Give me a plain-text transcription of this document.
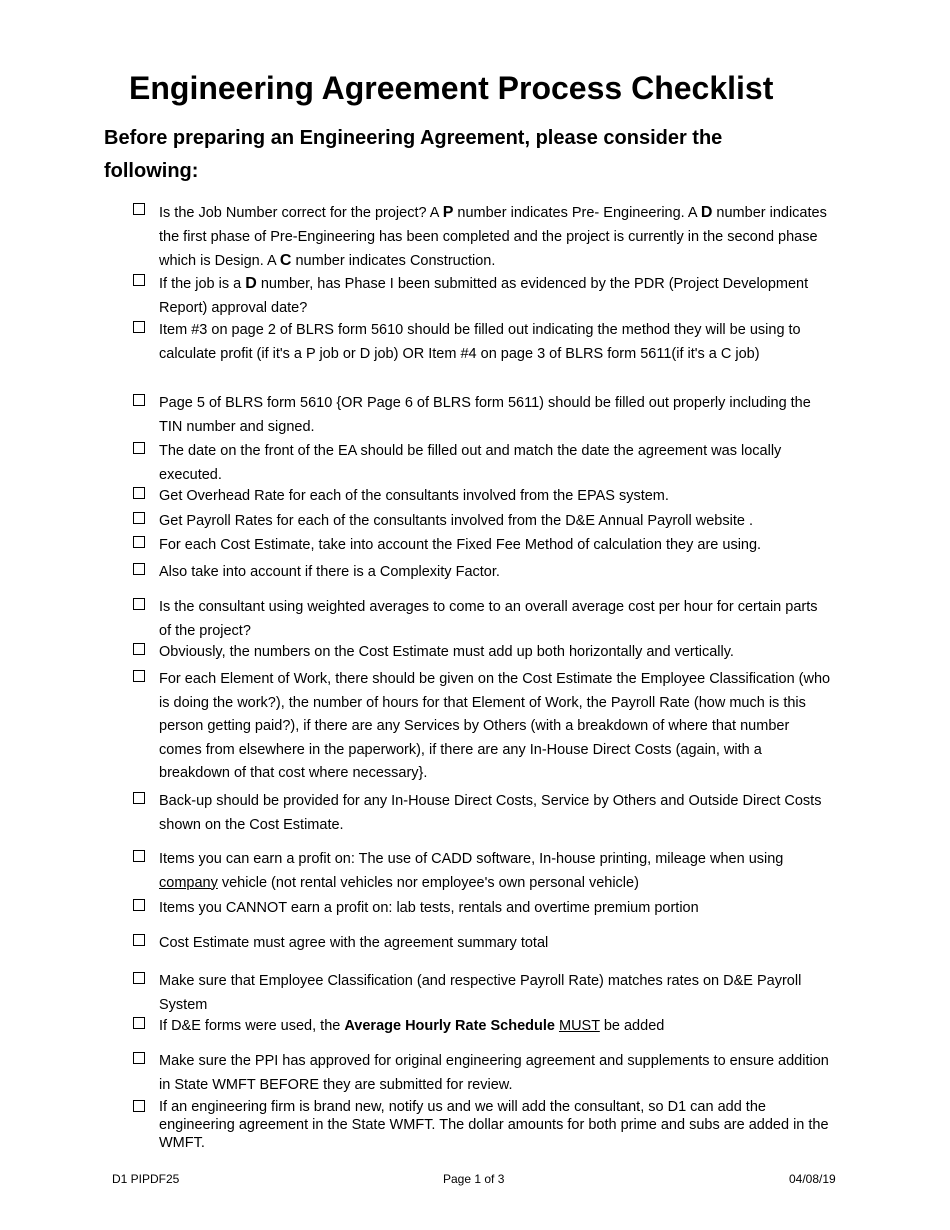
Engineering Agreement Process Checklist
Before preparing an Engineering Agreement, please consider the following:
Is the Job Number correct for the project? A P number indicates Pre- Engineering. A D number indicates the first phase of Pre-Engineering has been completed and the project is currently in the second phase which is Design. A C number indicates Construction.
If the job is a D number, has Phase I been submitted as evidenced by the PDR (Project Development Report) approval date?
Item #3 on page 2 of BLRS form 5610 should be filled out indicating the method they will be using to calculate profit (if it's a P job or D job) OR Item #4 on page 3 of BLRS form 5611(if it's a C job)
Page 5 of BLRS form 5610 {OR Page 6 of BLRS form 5611) should be filled out properly including the TIN number and signed.
The date on the front of the EA should be filled out and match the date the agreement was locally executed.
Get Overhead Rate for each of the consultants involved from the EPAS system.
Get Payroll Rates for each of the consultants involved from the D&E Annual Payroll website .
For each Cost Estimate, take into account the Fixed Fee Method of calculation they are using.
Also take into account if there is a Complexity Factor.
Is the consultant using weighted averages to come to an overall average cost per hour for certain parts of the project?
Obviously, the numbers on the Cost Estimate must add up both horizontally and vertically.
For each Element of Work, there should be given on the Cost Estimate the Employee Classification (who is doing the work?), the number of hours for that Element of Work, the Payroll Rate (how much is this person getting paid?), if there are any Services by Others (with a breakdown of where that number comes from elsewhere in the paperwork), if there are any In-House Direct Costs (again, with a breakdown of that cost where necessary}.
Back-up should be provided for any In-House Direct Costs, Service by Others and Outside Direct Costs shown on the Cost Estimate.
Items you can earn a profit on: The use of CADD software, In-house printing, mileage when using company vehicle (not rental vehicles nor employee's own personal vehicle)
Items you CANNOT earn a profit on: lab tests, rentals and overtime premium portion
Cost Estimate must agree with the agreement summary total
Make sure that Employee Classification (and respective Payroll Rate) matches rates on D&E Payroll System
If D&E forms were used, the Average Hourly Rate Schedule MUST be added
Make sure the PPI has approved for original engineering agreement and supplements to ensure addition in State WMFT BEFORE they are submitted for review.
If an engineering firm is brand new, notify us and we will add the consultant, so D1 can add the engineering agreement in the State WMFT. The dollar amounts for both prime and subs are added in the WMFT.
D1 PIPDF25	Page 1 of 3	04/08/19
